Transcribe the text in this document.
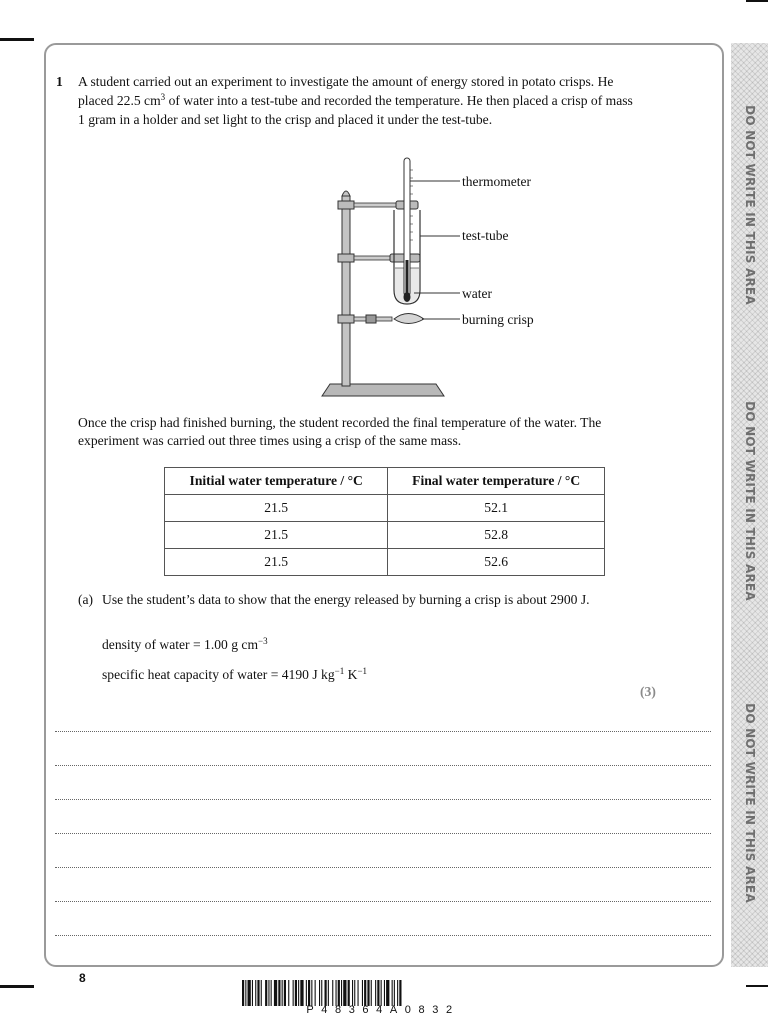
DO NOT WRITE IN THIS AREA
DO NOT WRITE IN THIS AREA
DO NOT WRITE IN THIS AREA
1	A student carried out an experiment to investigate the amount of energy stored in potato crisps. He placed 22.5 $cm^3$ of water into a test-tube and recorded the temperature. He then placed a crisp of mass 1 gram in a holder and set light to the crisp and placed it under the test-tube.
thermometer
test-tube
water
burning crisp
Once the crisp had finished burning, the student recorded the final temperature of the water. The experiment was carried out three times using a crisp of the same mass.
Initial water temperature / °C	Final water temperature / °C
21.5	52.1
21.5	52.8
21.5	52.6
(a) Use the student’s data to show that the energy released by burning a crisp is about 2900 J.
density of water = 1.00 g $cm^{-3}$
specific heat capacity of water = 4190 J $kg^{-1}$ $K^{-1}$
(3)
8
P48364A0832
